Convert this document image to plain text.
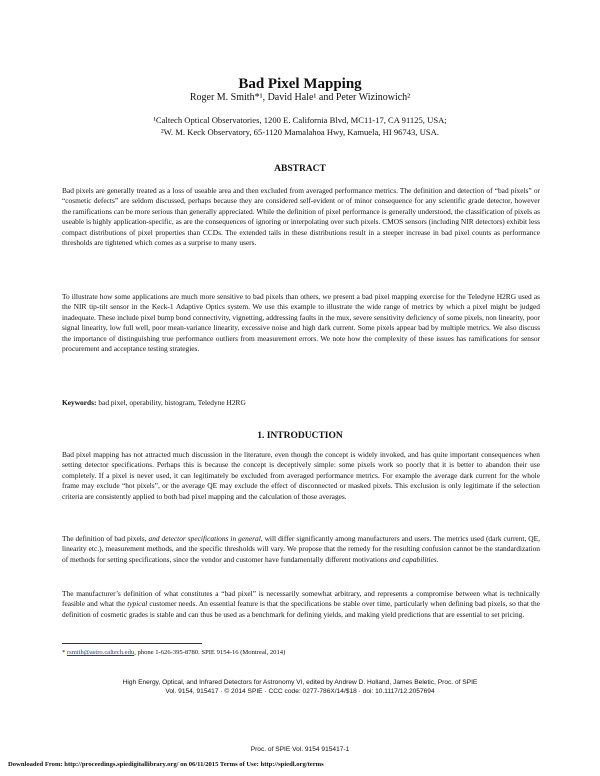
Bad Pixel Mapping
Roger M. Smith*¹, David Hale¹ and Peter Wizinowich²
¹Caltech Optical Observatories, 1200 E. California Blvd, MC11-17, CA 91125, USA;
²W. M. Keck Observatory, 65-1120 Mamalahoa Hwy, Kamuela, HI 96743, USA.
ABSTRACT

Bad pixels are generally treated as a loss of useable area and then excluded from averaged performance metrics. The definition and detection of “bad pixels” or “cosmetic defects” are seldom discussed, perhaps because they are considered self-evident or of minor consequence for any scientific grade detector, however the ramifications can be more serious than generally appreciated. While the definition of pixel performance is generally understood, the classification of pixels as useable is highly application-specific, as are the consequences of ignoring or interpolating over such pixels. CMOS sensors (including NIR detectors) exhibit less compact distributions of pixel properties than CCDs. The extended tails in these distributions result in a steeper increase in bad pixel counts as performance thresholds are tightened which comes as a surprise to many users.

To illustrate how some applications are much more sensitive to bad pixels than others, we present a bad pixel mapping exercise for the Teledyne H2RG used as the NIR tip-tilt sensor in the Keck-1 Adaptive Optics system. We use this example to illustrate the wide range of metrics by which a pixel might be judged inadequate. These include pixel bump bond connectivity, vignetting, addressing faults in the mux, severe sensitivity deficiency of some pixels, non linearity, poor signal linearity, low full well, poor mean-variance linearity, excessive noise and high dark current. Some pixels appear bad by multiple metrics. We also discuss the importance of distinguishing true performance outliers from measurement errors. We note how the complexity of these issues has ramifications for sensor procurement and acceptance testing strategies.

Keywords: bad pixel, operability, histogram, Teledyne H2RG

1. INTRODUCTION

Bad pixel mapping has not attracted much discussion in the literature, even though the concept is widely invoked, and has quite important consequences when setting detector specifications. Perhaps this is because the concept is deceptively simple: some pixels work so poorly that it is better to abandon their use completely. If a pixel is never used, it can legitimately be excluded from averaged performance metrics. For example the average dark current for the whole frame may exclude “hot pixels”, or the average QE may exclude the effect of disconnected or masked pixels. This exclusion is only legitimate if the selection criteria are consistently applied to both bad pixel mapping and the calculation of those averages.

The definition of bad pixels, and detector specifications in general, will differ significantly among manufacturers and users. The metrics used (dark current, QE, linearity etc.), measurement methods, and the specific thresholds will vary. We propose that the remedy for the resulting confusion cannot be the standardization of methods for setting specifications, since the vendor and customer have fundamentally different motivations and capabilities.

The manufacturer’s definition of what constitutes a “bad pixel” is necessarily somewhat arbitrary, and represents a compromise between what is technically feasible and what the typical customer needs. An essential feature is that the specifications be stable over time, particularly when defining bad pixels, so that the definition of cosmetic grades is stable and can thus be used as a benchmark for defining yields, and making yield predictions that are essential to set pricing.

* rsmith@astro.caltech.edu, phone 1-626-395-8780. SPIE 9154-16 (Montreal, 2014)

High Energy, Optical, and Infrared Detectors for Astronomy VI, edited by Andrew D. Holland, James Beletic, Proc. of SPIE
Vol. 9154, 915417 · © 2014 SPIE · CCC code: 0277-786X/14/$18 · doi: 10.1117/12.2057694
Proc. of SPIE Vol. 9154 915417-1
Downloaded From: http://proceedings.spiedigitallibrary.org/ on 06/11/2015 Terms of Use: http://spiedl.org/terms
